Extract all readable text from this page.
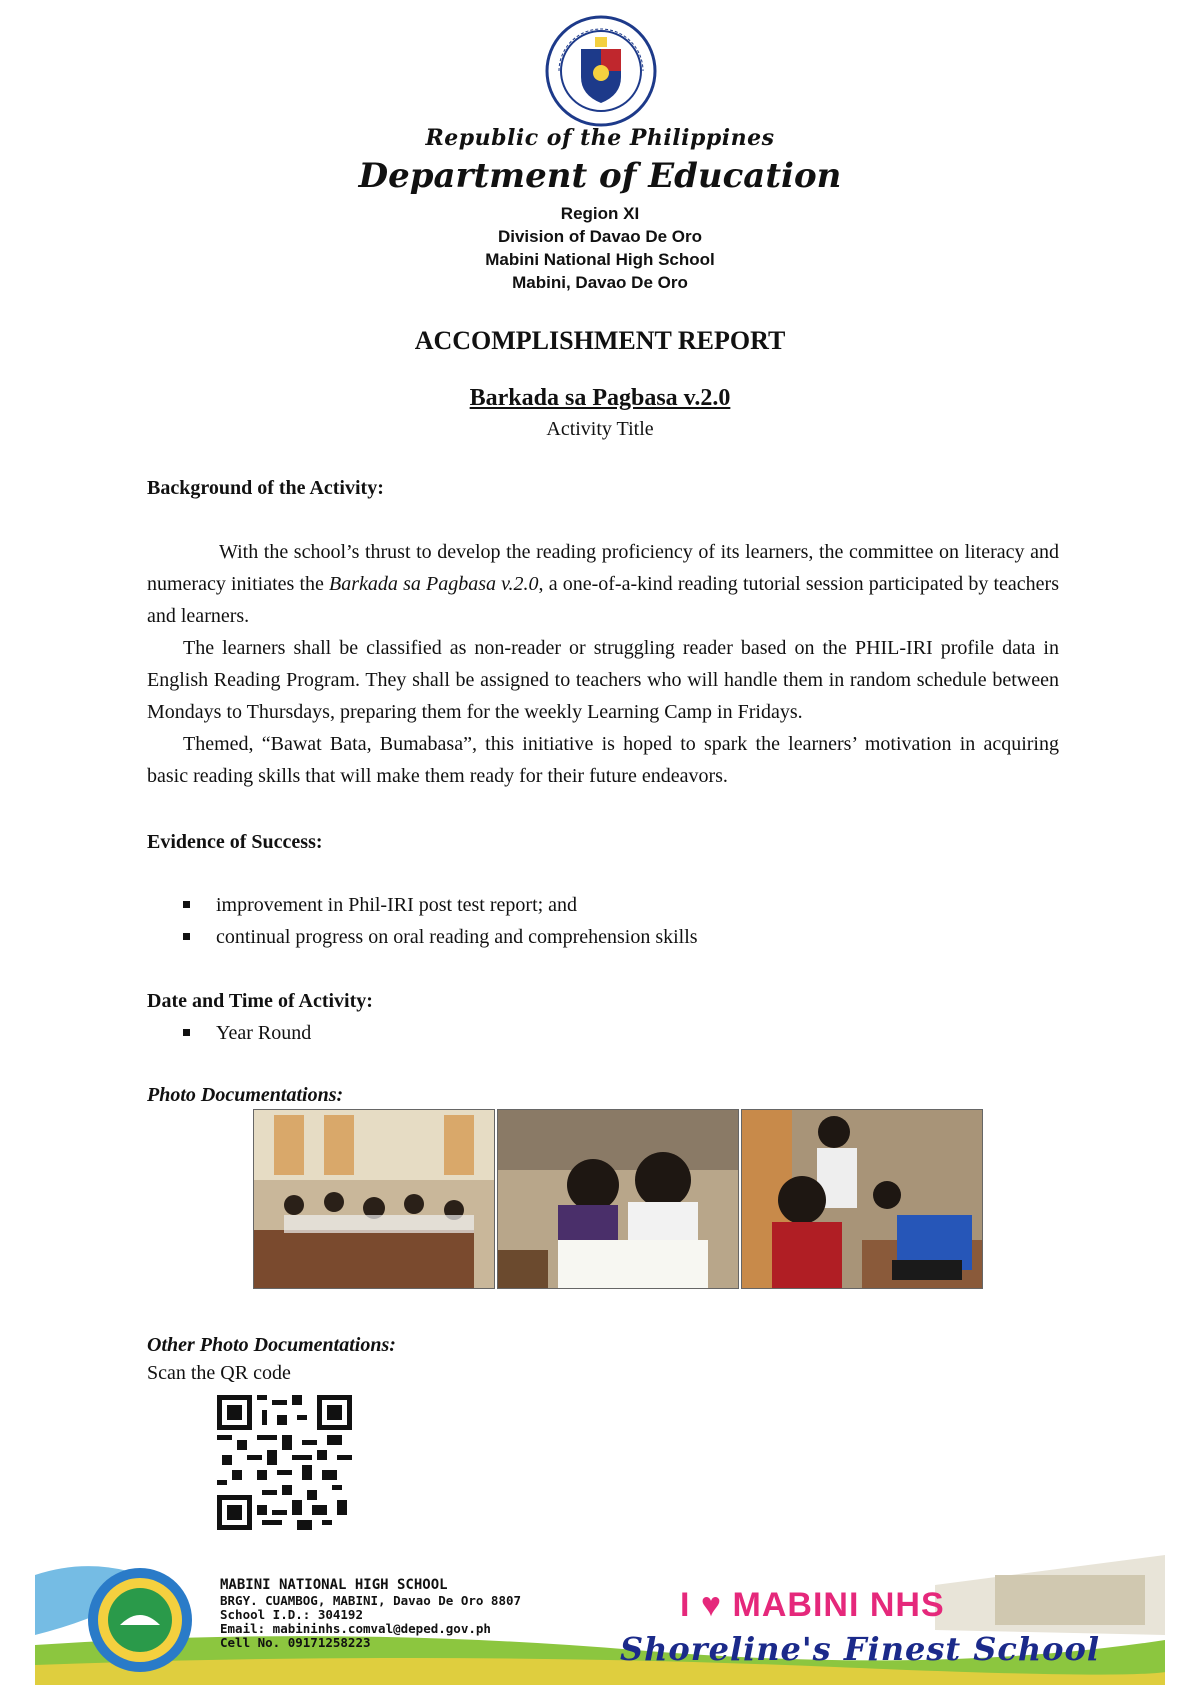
Republic of the Philippines
Department of Education
Region XI
Division of Davao De Oro
Mabini National High School
Mabini, Davao De Oro
ACCOMPLISHMENT REPORT
Barkada sa Pagbasa v.2.0
Activity Title
Background of the Activity:

With the school’s thrust to develop the reading proficiency of its learners, the committee on literacy and numeracy initiates the Barkada sa Pagbasa v.2.0, a one-of-a-kind reading tutorial session participated by teachers and learners.

The learners shall be classified as non-reader or struggling reader based on the PHIL-IRI profile data in English Reading Program. They shall be assigned to teachers who will handle them in random schedule between Mondays to Thursdays, preparing them for the weekly Learning Camp in Fridays.

Themed, “Bawat Bata, Bumabasa”, this initiative is hoped to spark the learners’ motivation in acquiring basic reading skills that will make them ready for their future endeavors.

Evidence of Success:
improvement in Phil-IRI post test report; and
continual progress on oral reading and comprehension skills
Date and Time of Activity:
Year Round
Photo Documentations:
Other Photo Documentations:
Scan the QR code
MABINI NATIONAL HIGH SCHOOL
BRGY. CUAMBOG, MABINI, Davao De Oro 8807
School I.D.: 304192
Email: mabininhs.comval@deped.gov.ph
Cell No. 09171258223
I ♥ MABINI NHS
Shoreline's Finest School
